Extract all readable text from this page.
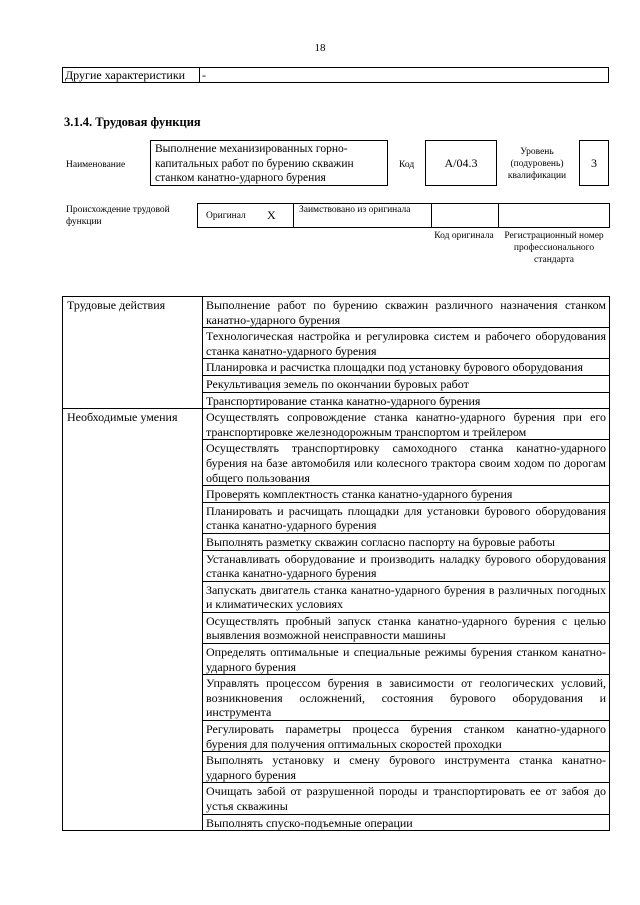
18
Другие характеристики	-
3.1.4. Трудовая функция
Наименование
Выполнение механизированных горно-капитальных работ по бурению скважин станком канатно-ударного бурения
Код	A/04.3
Уровень (подуровень) квалификации
3
Происхождение трудовой функции
Оригинал X Заимствовано из оригинала
Код оригинала	Регистрационный номер профессионального стандарта
Трудовые действия	Выполнение работ по бурению скважин различного назначения станком канатно-ударного бурения
	Технологическая настройка и регулировка систем и рабочего оборудования станка канатно-ударного бурения
	Планировка и расчистка площадки под установку бурового оборудования
	Рекультивация земель по окончании буровых работ
	Транспортирование станка канатно-ударного бурения
Необходимые умения	Осуществлять сопровождение станка канатно-ударного бурения при его транспортировке железнодорожным транспортом и трейлером
	Осуществлять транспортировку самоходного станка канатно-ударного бурения на базе автомобиля или колесного трактора своим ходом по дорогам общего пользования
	Проверять комплектность станка канатно-ударного бурения
	Планировать и расчищать площадки для установки бурового оборудования станка канатно-ударного бурения
	Выполнять разметку скважин согласно паспорту на буровые работы
	Устанавливать оборудование и производить наладку бурового оборудования станка канатно-ударного бурения
	Запускать двигатель станка канатно-ударного бурения в различных погодных и климатических условиях
	Осуществлять пробный запуск станка канатно-ударного бурения с целью выявления возможной неисправности машины
	Определять оптимальные и специальные режимы бурения станком канатно-ударного бурения
	Управлять процессом бурения в зависимости от геологических условий, возникновения осложнений, состояния бурового оборудования и инструмента
	Регулировать параметры процесса бурения станком канатно-ударного бурения для получения оптимальных скоростей проходки
	Выполнять установку и смену бурового инструмента станка канатно-ударного бурения
	Очищать забой от разрушенной породы и транспортировать ее от забоя до устья скважины
	Выполнять спуско-подъемные операции
